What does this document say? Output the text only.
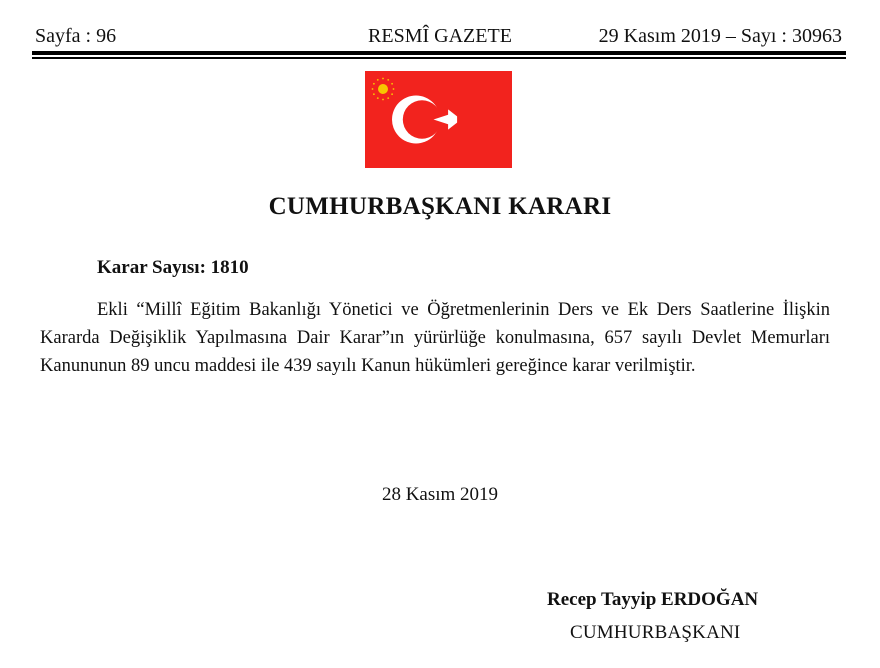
RESMÎ GAZETE
Sayfa : 96	29 Kasım 2019 – Sayı : 30963
CUMHURBAŞKANI KARARI
Karar Sayısı: 1810
Ekli “Millî Eğitim Bakanlığı Yönetici ve Öğretmenlerinin Ders ve Ek Ders Saatlerine İlişkin Kararda Değişiklik Yapılmasına Dair Karar”ın yürürlüğe konulmasına, 657 sayılı Devlet Memurları Kanununun 89 uncu maddesi ile 439 sayılı Kanun hükümleri gereğince karar verilmiştir.
28 Kasım 2019
Recep Tayyip ERDOĞAN
CUMHURBAŞKANI
